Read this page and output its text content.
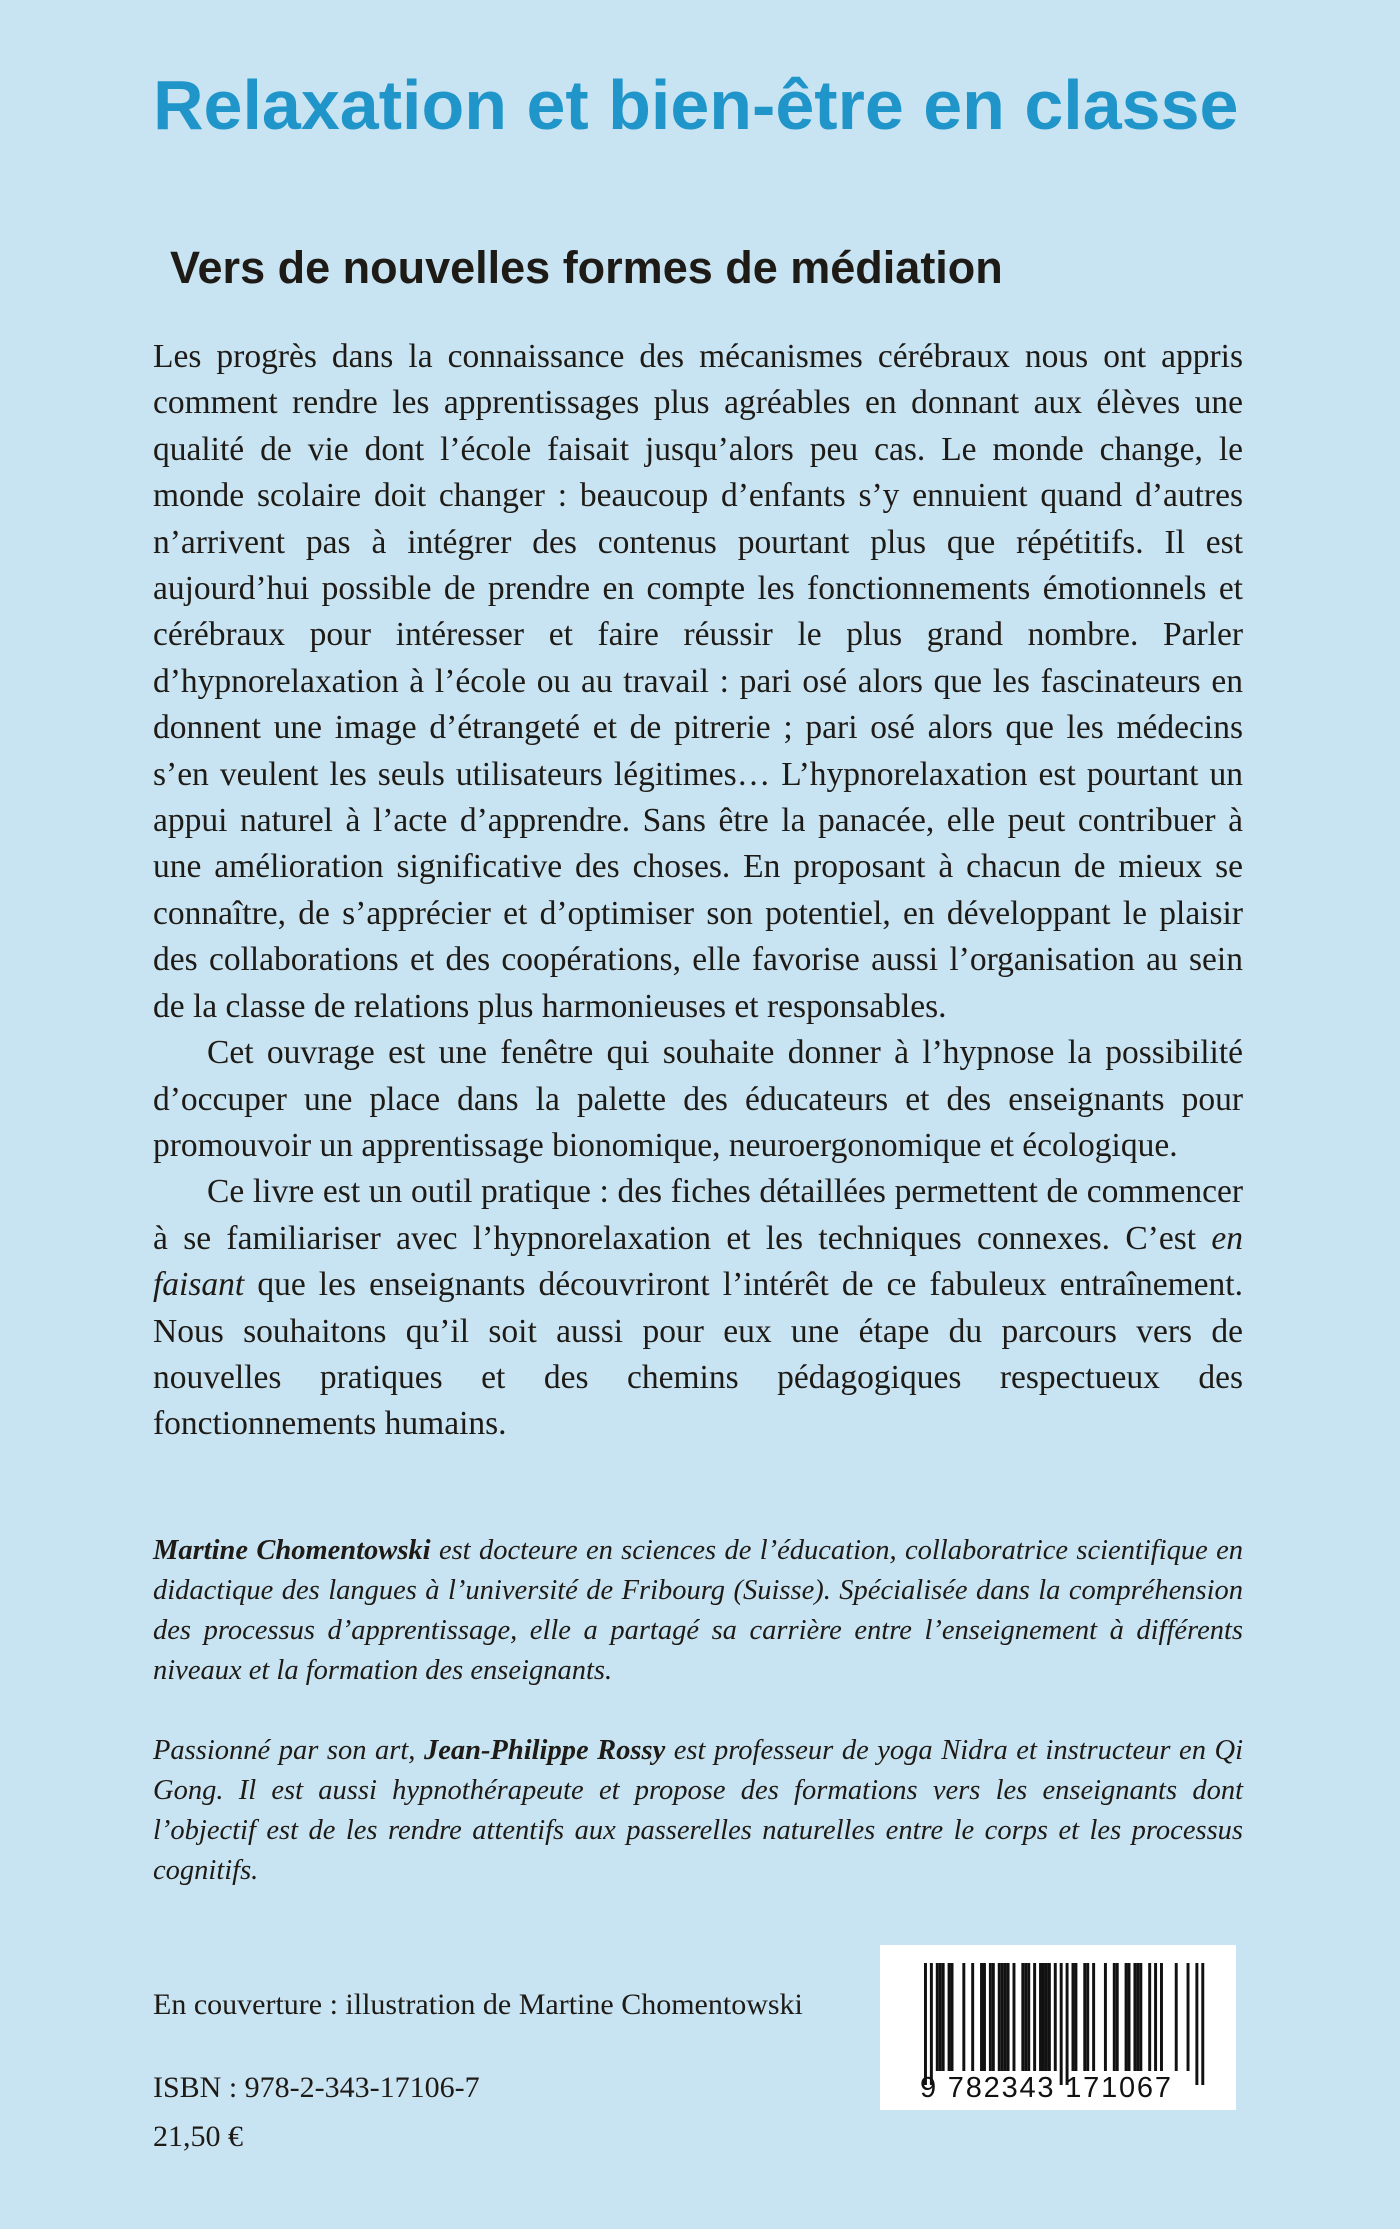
Relaxation et bien-être en classe
Vers de nouvelles formes de médiation

Les progrès dans la connaissance des mécanismes cérébraux nous ont appris comment rendre les apprentissages plus agréables en donnant aux élèves une qualité de vie dont l’école faisait jusqu’alors peu cas. Le monde change, le monde scolaire doit changer : beaucoup d’enfants s’y ennuient quand d’autres n’arrivent pas à intégrer des contenus pourtant plus que répétitifs. Il est aujourd’hui possible de prendre en compte les fonctionnements émotionnels et cérébraux pour intéresser et faire réussir le plus grand nombre. Parler d’hypnorelaxation à l’école ou au travail : pari osé alors que les fascinateurs en donnent une image d’étrangeté et de pitrerie ; pari osé alors que les médecins s’en veulent les seuls utilisateurs légitimes… L’hypnorelaxation est pourtant un appui naturel à l’acte d’apprendre. Sans être la panacée, elle peut contribuer à une amélioration significative des choses. En proposant à chacun de mieux se connaître, de s’apprécier et d’optimiser son potentiel, en développant le plaisir des collaborations et des coopérations, elle favorise aussi l’organisation au sein de la classe de relations plus harmonieuses et responsables.

Cet ouvrage est une fenêtre qui souhaite donner à l’hypnose la possibilité d’occuper une place dans la palette des éducateurs et des enseignants pour promouvoir un apprentissage bionomique, neuroergonomique et écologique.

Ce livre est un outil pratique : des fiches détaillées permettent de commencer à se familiariser avec l’hypnorelaxation et les techniques connexes. C’est en faisant que les enseignants découvriront l’intérêt de ce fabuleux entraînement. Nous souhaitons qu’il soit aussi pour eux une étape du parcours vers de nouvelles pratiques et des chemins pédagogiques respectueux des fonctionnements humains.

Martine Chomentowski est docteure en sciences de l’éducation, collaboratrice scientifique en didactique des langues à l’université de Fribourg (Suisse). Spécialisée dans la compréhension des processus d’apprentissage, elle a partagé sa carrière entre l’enseignement à différents niveaux et la formation des enseignants.

Passionné par son art, Jean-Philippe Rossy est professeur de yoga Nidra et instructeur en Qi Gong. Il est aussi hypnothérapeute et propose des formations vers les enseignants dont l’objectif est de les rendre attentifs aux passerelles naturelles entre le corps et les processus cognitifs.

En couverture : illustration de Martine Chomentowski
ISBN : 978-2-343-17106-7
21,50 €
9 782343 171067
